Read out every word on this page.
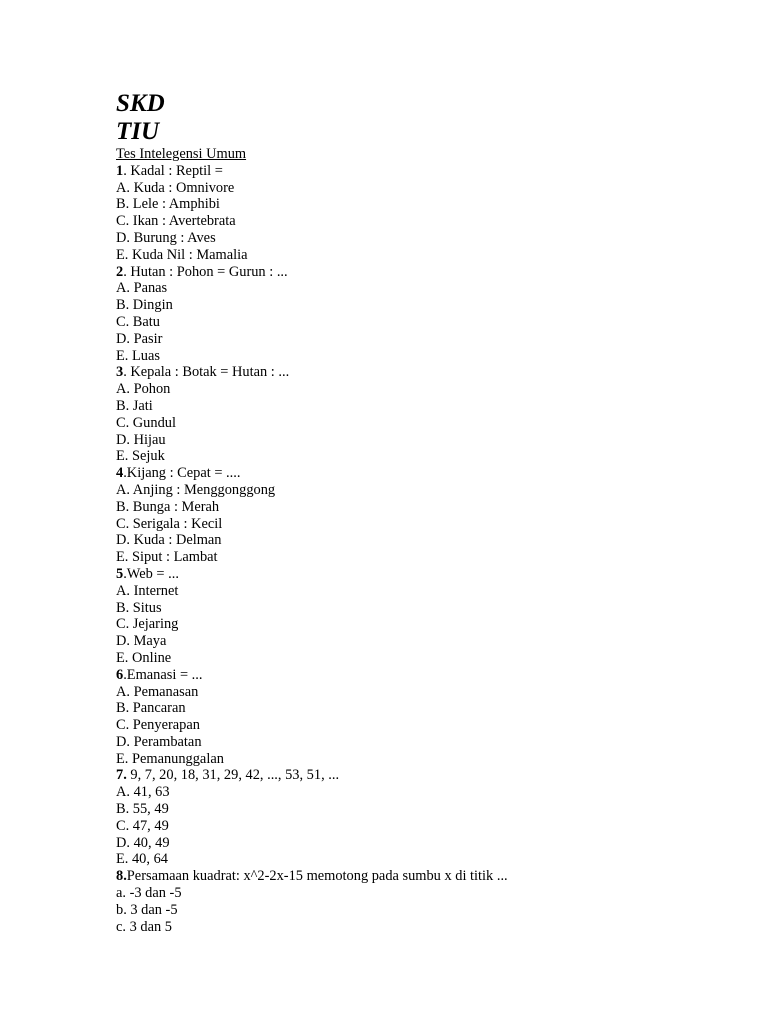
SKD
TIU
Tes Intelegensi Umum
1. Kadal : Reptil =
A. Kuda : Omnivore
B. Lele : Amphibi
C. Ikan : Avertebrata
D. Burung : Aves
E. Kuda Nil : Mamalia
2. Hutan : Pohon = Gurun : ...
A. Panas
B. Dingin
C. Batu
D. Pasir
E. Luas
3. Kepala : Botak = Hutan : ...
A. Pohon
B. Jati
C. Gundul
D. Hijau
E. Sejuk
4.Kijang : Cepat = ....
A. Anjing : Menggonggong
B. Bunga : Merah
C. Serigala : Kecil
D. Kuda : Delman
E. Siput : Lambat
5.Web = ...
A. Internet
B. Situs
C. Jejaring
D. Maya
E. Online
6.Emanasi = ...
A. Pemanasan
B. Pancaran
C. Penyerapan
D. Perambatan
E. Pemanunggalan
7. 9, 7, 20, 18, 31, 29, 42, ..., 53, 51, ...
A. 41, 63
B. 55, 49
C. 47, 49
D. 40, 49
E. 40, 64
8.Persamaan kuadrat: x^2-2x-15 memotong pada sumbu x di titik ...
a. -3 dan -5
b. 3 dan -5
c. 3 dan 5
